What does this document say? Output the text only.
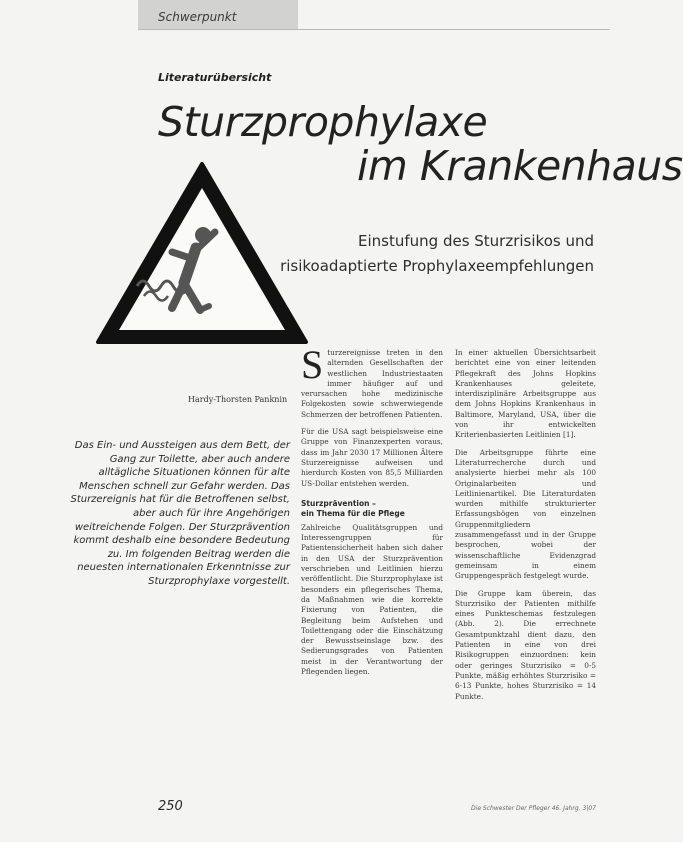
Schwerpunkt
Literaturübersicht
Sturzprophylaxe
im Krankenhaus
Einstufung des Sturzrisikos und
risikoadaptierte Prophylaxeempfehlungen
Hardy-Thorsten Panknin
Das Ein- und Aussteigen aus dem Bett, der Gang zur Toilette, aber auch andere alltägliche Situationen können für alte Menschen schnell zur Gefahr werden. Das Sturzereignis hat für die Betroffenen selbst, aber auch für ihre Angehörigen weitreichende Folgen. Der Sturzprävention kommt deshalb eine besondere Bedeutung zu. Im folgenden Beitrag werden die neuesten internationalen Erkenntnisse zur Sturzprophylaxe vorgestellt.

Sturzereignisse treten in den alternden Gesellschaften der westlichen Industriestaaten immer häufiger auf und verursachen hohe medizinische Folgekosten sowie schwerwiegende Schmerzen der betroffenen Patienten.

Für die USA sagt beispielsweise eine Gruppe von Finanzexperten voraus, dass im Jahr 2030 17 Millionen Ältere Sturzereignisse aufweisen und hierdurch Kosten von 85,5 Milliarden US-Dollar entstehen werden.

Sturzprävention –
ein Thema für die Pflege

Zahlreiche Qualitätsgruppen und Interessengruppen für Patientensicherheit haben sich daher in den USA der Sturzprävention verschrieben und Leitlinien hierzu veröffentlicht. Die Sturzprophylaxe ist besonders ein pflegerisches Thema, da Maßnahmen wie die korrekte Fixierung von Patienten, die Begleitung beim Aufstehen und Toilettengang oder die Einschätzung der Bewusstseinslage bzw. des Sedierungsgrades von Patienten meist in der Verantwortung der Pflegenden liegen.

In einer aktuellen Übersichtsarbeit berichtet eine von einer leitenden Pflegekraft des Johns Hopkins Krankenhauses geleitete, interdisziplinäre Arbeitsgruppe aus dem Johns Hopkins Krankenhaus in Baltimore, Maryland, USA, über die von ihr entwickelten Kriterienbasierten Leitlinien [1].

Die Arbeitsgruppe führte eine Literaturrecherche durch und analysierte hierbei mehr als 100 Originalarbeiten und Leitlinienartikel. Die Literaturdaten wurden mithilfe strukturierter Erfassungsbögen von einzelnen Gruppenmitgliedern zusammengefasst und in der Gruppe besprochen, wobei der wissenschaftliche Evidenzgrad gemeinsam in einem Gruppengespräch festgelegt wurde.

Die Gruppe kam überein, das Sturzrisiko der Patienten mithilfe eines Punkteschemas festzulegen (Abb. 2). Die errechnete Gesamtpunktzahl dient dazu, den Patienten in eine von drei Risikogruppen einzuordnen: kein oder geringes Sturzrisiko = 0-5 Punkte, mäßig erhöhtes Sturzrisiko = 6-13 Punkte, hohes Sturzrisiko = 14 Punkte.

250	Die Schwester Der Pfleger 46. Jahrg. 3|07
